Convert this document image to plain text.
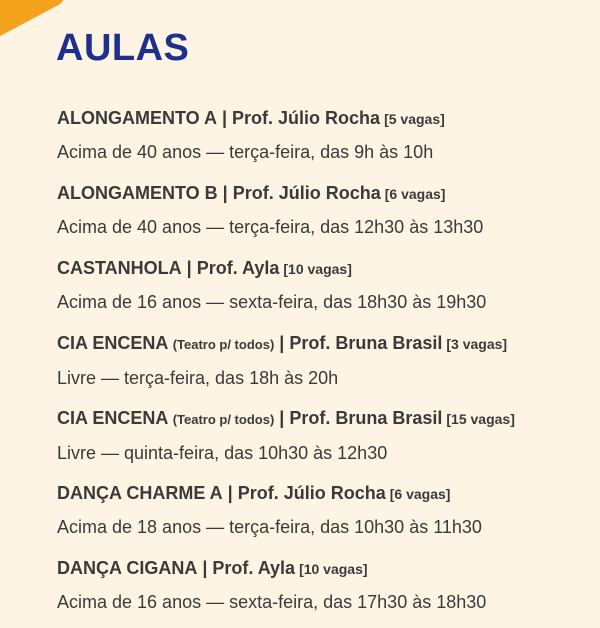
AULAS
ALONGAMENTO A | Prof. Júlio Rocha [5 vagas]
Acima de 40 anos — terça-feira, das 9h às 10h
ALONGAMENTO B | Prof. Júlio Rocha [6 vagas]
Acima de 40 anos — terça-feira, das 12h30 às 13h30
CASTANHOLA | Prof. Ayla [10 vagas]
Acima de 16 anos — sexta-feira, das 18h30 às 19h30
CIA ENCENA (Teatro p/ todos) | Prof. Bruna Brasil [3 vagas]
Livre — terça-feira, das 18h às 20h
CIA ENCENA (Teatro p/ todos) | Prof. Bruna Brasil [15 vagas]
Livre — quinta-feira, das 10h30 às 12h30
DANÇA CHARME A | Prof. Júlio Rocha [6 vagas]
Acima de 18 anos — terça-feira, das 10h30 às 11h30
DANÇA CIGANA | Prof. Ayla [10 vagas]
Acima de 16 anos — sexta-feira, das 17h30 às 18h30
